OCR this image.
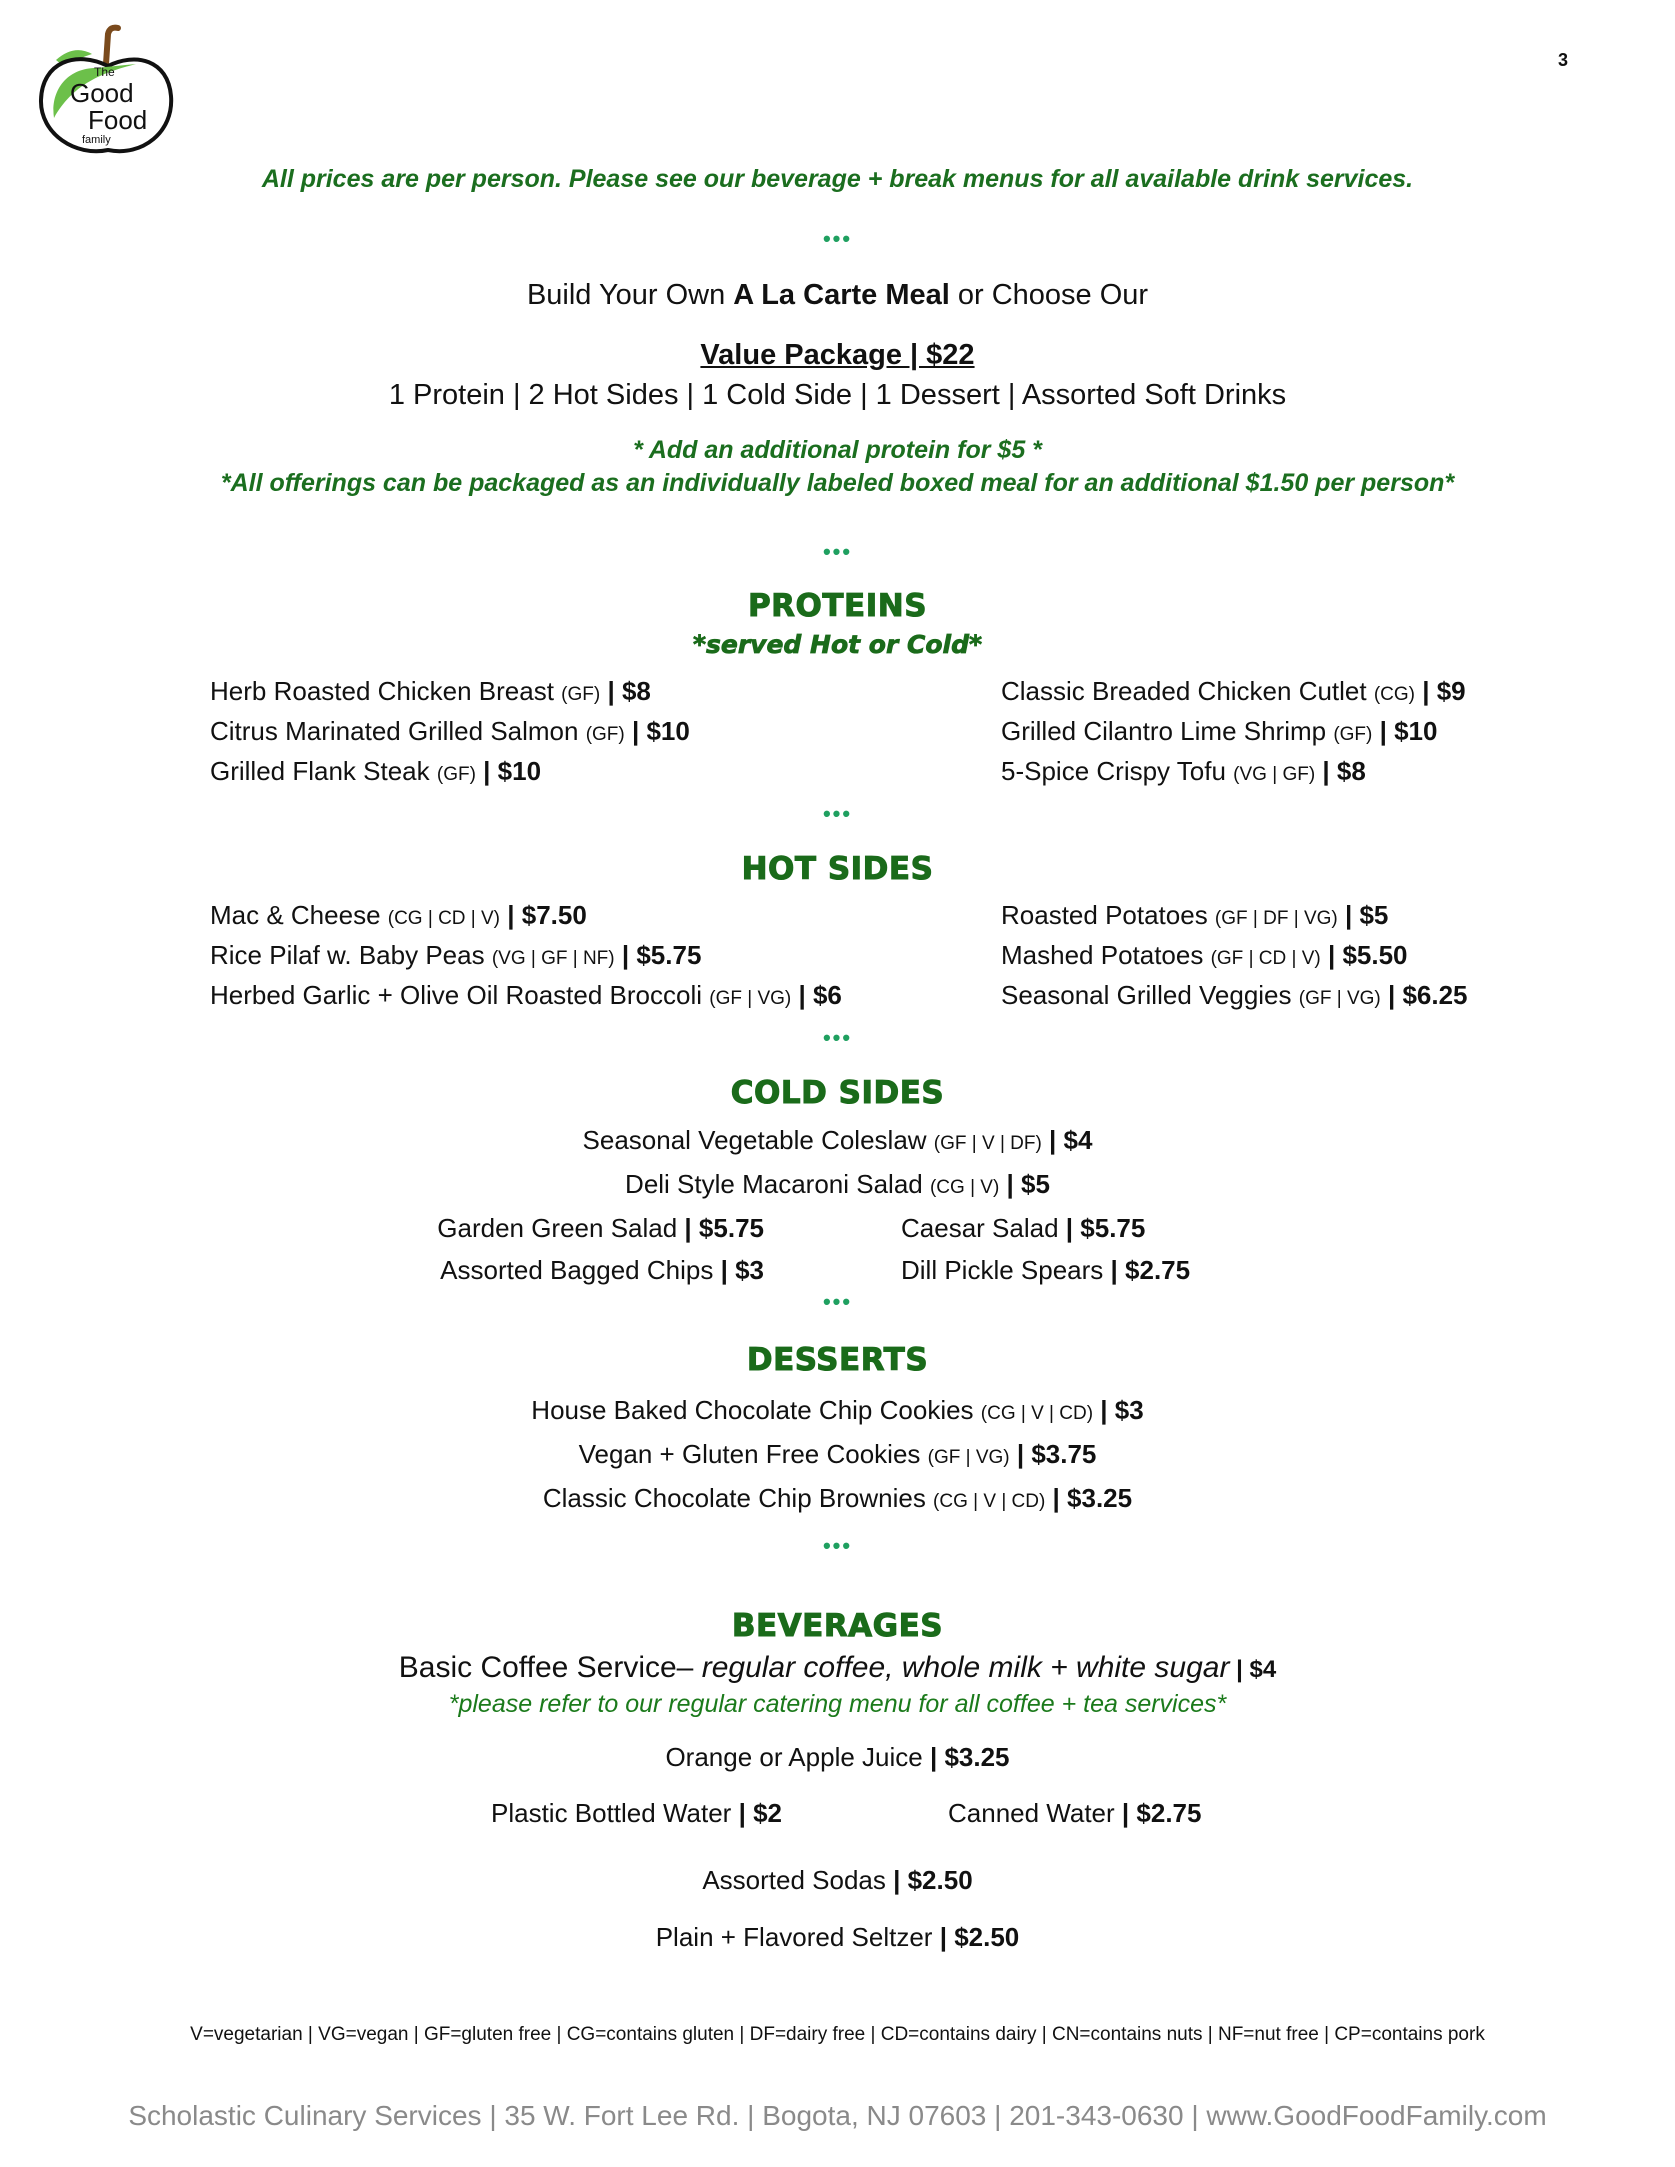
The
Good
Food
family
3
All prices are per person. Please see our beverage + break menus for all available drink services.
•••
Build Your Own A La Carte Meal or Choose Our
Value Package | $22
1 Protein | 2 Hot Sides | 1 Cold Side | 1 Dessert | Assorted Soft Drinks
* Add an additional protein for $5 *
*All offerings can be packaged as an individually labeled boxed meal for an additional $1.50 per person*
•••
PROTEINS
*served Hot or Cold*
Herb Roasted Chicken Breast (GF) | $8
Citrus Marinated Grilled Salmon (GF) | $10
Grilled Flank Steak (GF) | $10
Classic Breaded Chicken Cutlet (CG) | $9
Grilled Cilantro Lime Shrimp (GF) | $10
5-Spice Crispy Tofu (VG | GF) | $8
•••
HOT SIDES
Mac & Cheese (CG | CD | V) | $7.50
Rice Pilaf w. Baby Peas (VG | GF | NF) | $5.75
Herbed Garlic + Olive Oil Roasted Broccoli (GF | VG) | $6
Roasted Potatoes (GF | DF | VG) | $5
Mashed Potatoes (GF | CD | V) | $5.50
Seasonal Grilled Veggies (GF | VG) | $6.25
•••
COLD SIDES
Seasonal Vegetable Coleslaw (GF | V | DF) | $4
Deli Style Macaroni Salad (CG | V) | $5
Garden Green Salad | $5.75
Assorted Bagged Chips | $3
Caesar Salad | $5.75
Dill Pickle Spears | $2.75
•••
DESSERTS
House Baked Chocolate Chip Cookies (CG | V | CD) | $3
Vegan + Gluten Free Cookies (GF | VG) | $3.75
Classic Chocolate Chip Brownies (CG | V | CD) | $3.25
•••
BEVERAGES
Basic Coffee Service– regular coffee, whole milk + white sugar | $4
*please refer to our regular catering menu for all coffee + tea services*
Orange or Apple Juice | $3.25
Plastic Bottled Water | $2	Canned Water | $2.75
Assorted Sodas | $2.50
Plain + Flavored Seltzer | $2.50
V=vegetarian | VG=vegan | GF=gluten free | CG=contains gluten | DF=dairy free | CD=contains dairy | CN=contains nuts | NF=nut free | CP=contains pork
Scholastic Culinary Services | 35 W. Fort Lee Rd. | Bogota, NJ 07603 | 201-343-0630 | www.GoodFoodFamily.com
